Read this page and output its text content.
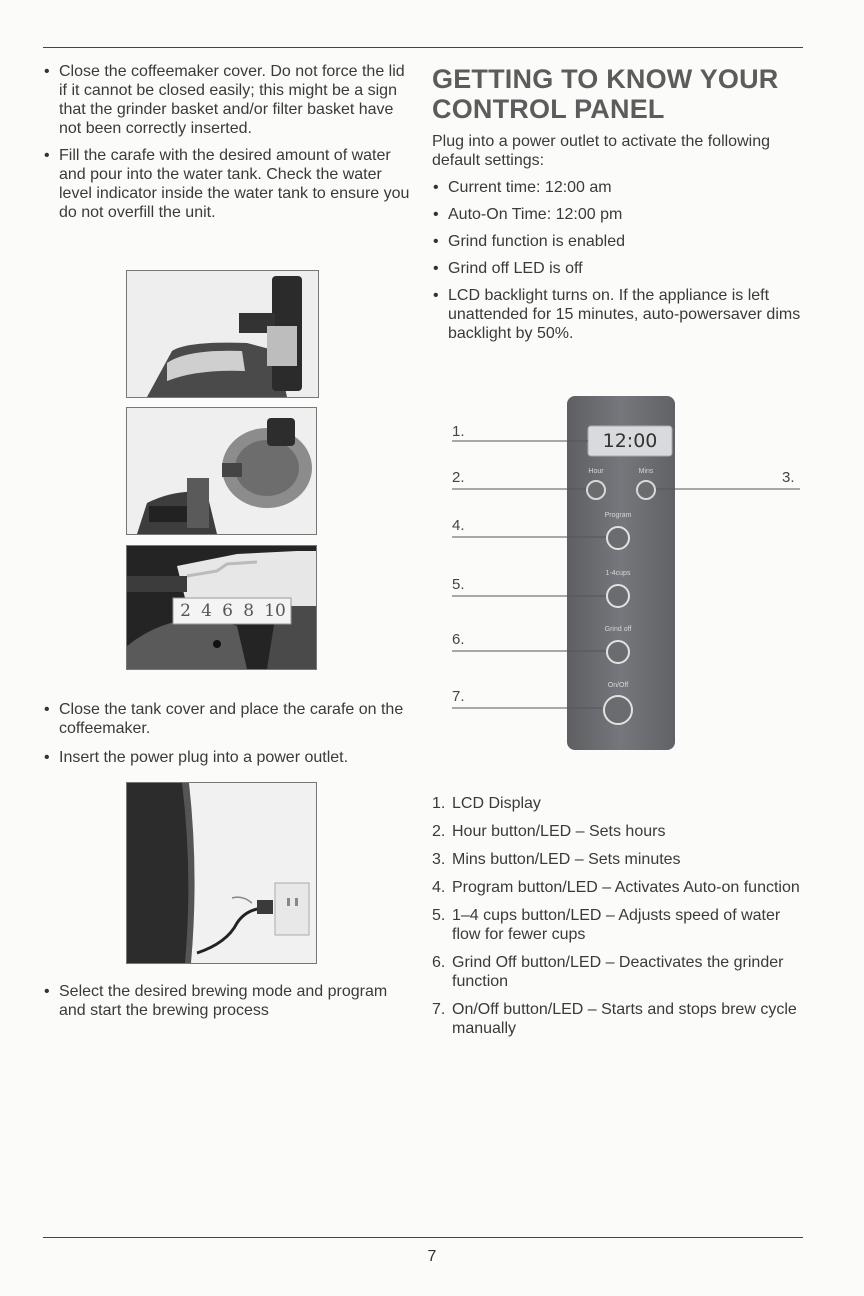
• Close the coffeemaker cover. Do not force the lid if it cannot be closed easily; this might be a sign that the grinder basket and/or filter basket have not been correctly inserted.
• Fill the carafe with the desired amount of water and pour into the water tank. Check the water level indicator inside the water tank to ensure you do not overfill the unit.
2 4 6 8 10
• Close the tank cover and place the carafe on the coffeemaker.
• Insert the power plug into a power outlet.
• Select the desired brewing mode and program and start the brewing process
GETTING TO KNOW YOUR CONTROL PANEL

Plug into a power outlet to activate the following default settings:

• Current time: 12:00 am
• Auto-On Time: 12:00 pm
• Grind function is enabled
• Grind off LED is off
• LCD backlight turns on. If the appliance is left unattended for 15 minutes, auto-powersaver dims backlight by 50%.
12:00
Hour	Mins
Program
1-4cups
Grind off
On/Off
1.
2.	3.
4.
5.
6.
7.
1. LCD Display
2. Hour button/LED – Sets hours
3. Mins button/LED – Sets minutes
4. Program button/LED – Activates Auto-on function
5. 1–4 cups button/LED – Adjusts speed of water flow for fewer cups
6. Grind Off button/LED – Deactivates the grinder function
7. On/Off button/LED – Starts and stops brew cycle manually
7
